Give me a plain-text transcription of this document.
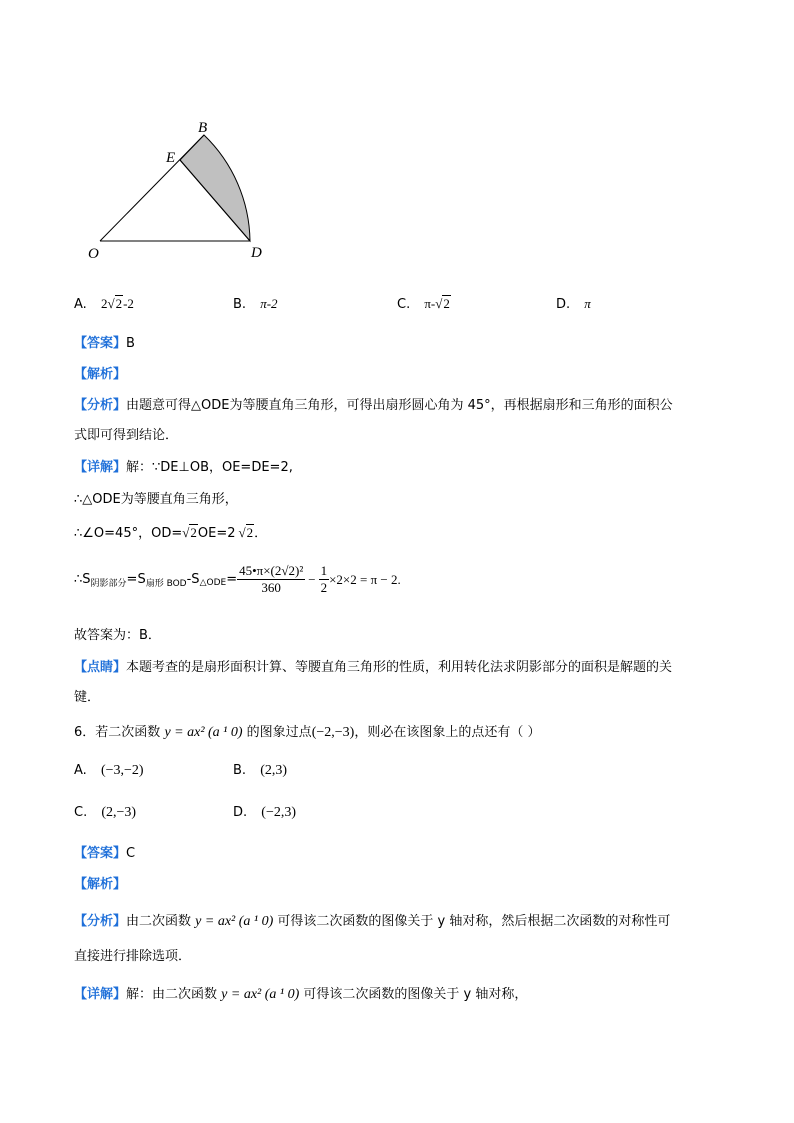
B
E
O	D
A. 2√2-2	B. π-2	C. π-√2	D. π
【答案】B
【解析】
【分析】由题意可得△ODE为等腰直角三角形，可得出扇形圆心角为 45°，再根据扇形和三角形的面积公
式即可得到结论．
【详解】解：∵DE⊥OB，OE=DE=2,
∴△ODE为等腰直角三角形，
∴∠O=45°，OD=√2OE=2 √2．
∴S 阴影部分 =S 扇形 BOD -S △ODE = $\frac{\text{45•π×(2√2)²}}{360} - \frac{1}{2} \times 2\times 2 = \pi - 2$.
故答案为：B．
【点睛】本题考查的是扇形面积计算、等腰直角三角形的性质，利用转化法求阴影部分的面积是解题的关
键．
6．若二次函数 y = ax² (a ¹ 0) 的图象过点(−2,−3)，则必在该图象上的点还有（ ）
A. (−3,−2)	B. (2,3)
C. (2,−3)	D. (−2,3)
【答案】C
【解析】
【分析】由二次函数 y = ax² (a ¹ 0) 可得该二次函数的图像关于 y 轴对称，然后根据二次函数的对称性可
直接进行排除选项．
【详解】解：由二次函数 y = ax² (a ¹ 0) 可得该二次函数的图像关于 y 轴对称，
